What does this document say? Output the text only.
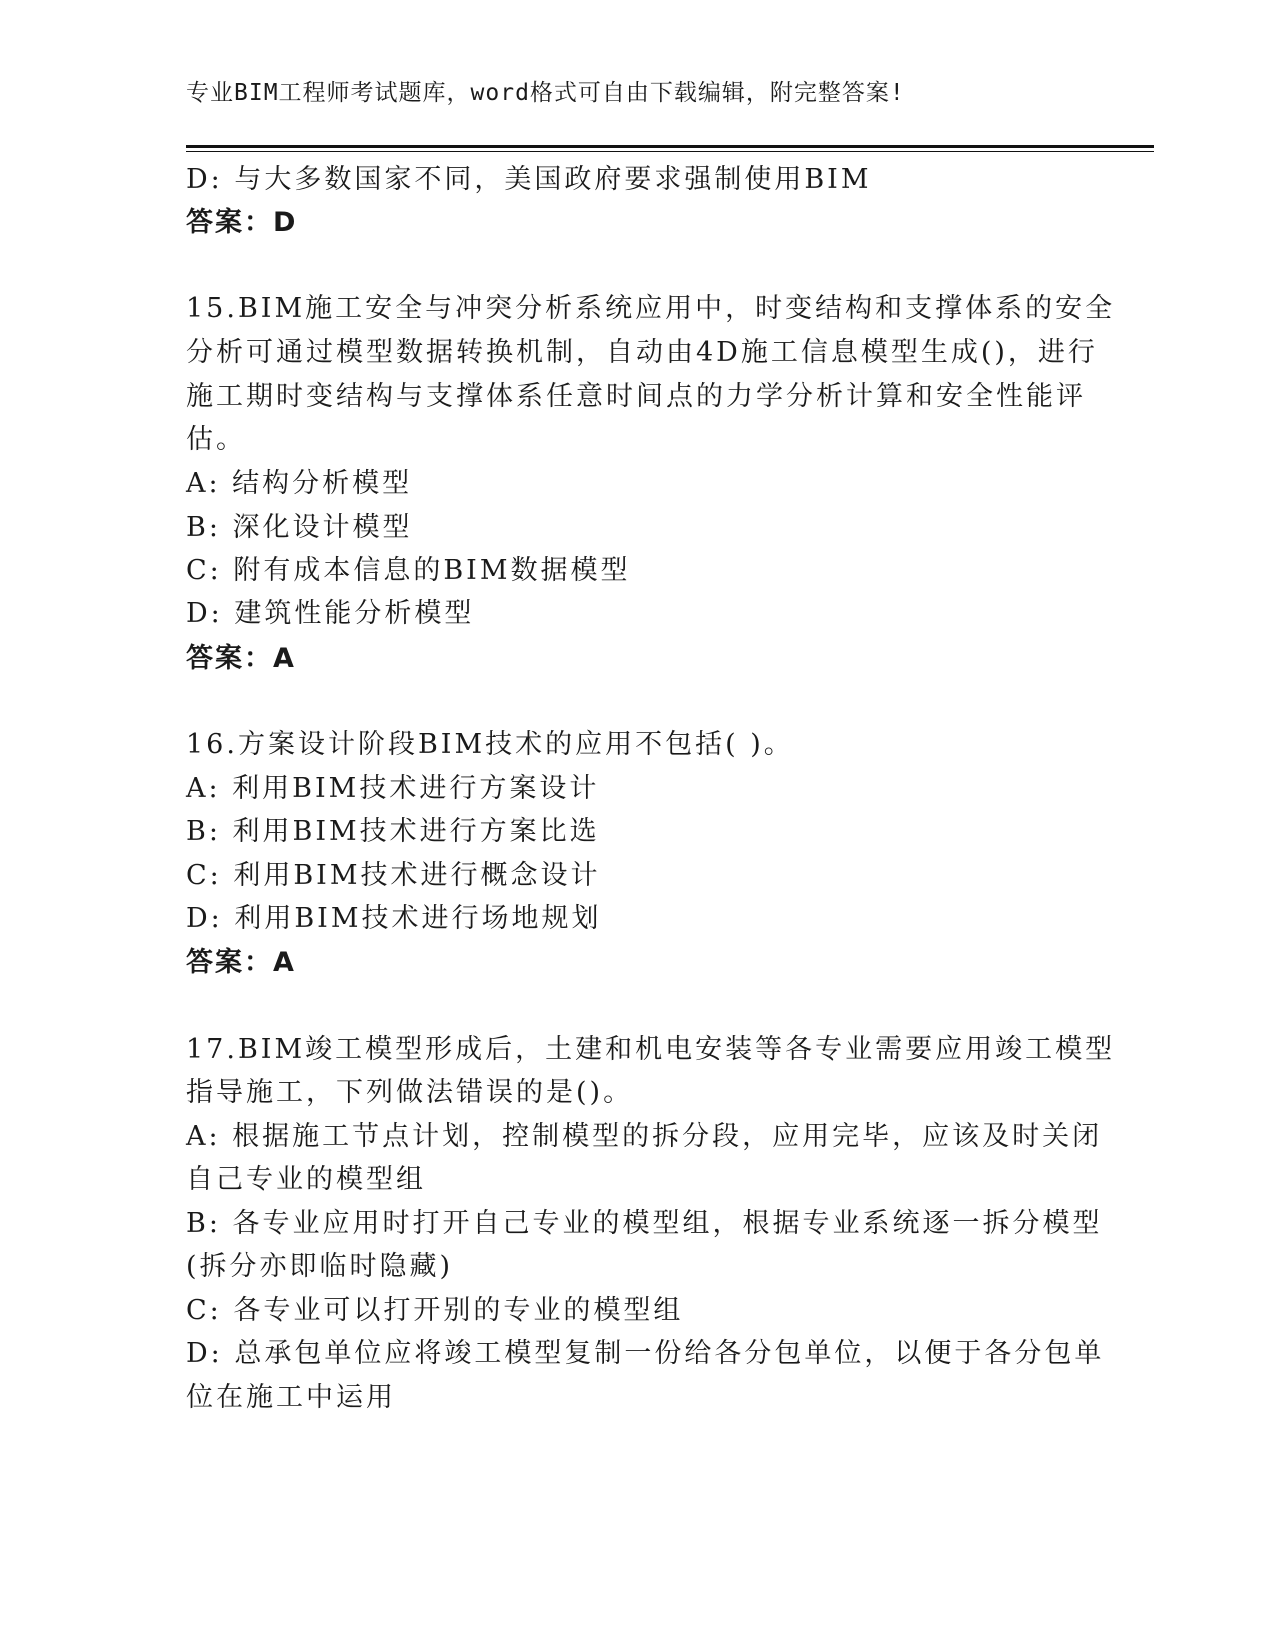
专业BIM工程师考试题库，word格式可自由下载编辑，附完整答案!
D: 与大多数国家不同，美国政府要求强制使用BIM
答案：D
15.BIM施工安全与冲突分析系统应用中，时变结构和支撑体系的安全
分析可通过模型数据转换机制，自动由4D施工信息模型生成()，进行
施工期时变结构与支撑体系任意时间点的力学分析计算和安全性能评
估。
A: 结构分析模型
B: 深化设计模型
C: 附有成本信息的BIM数据模型
D: 建筑性能分析模型
答案：A
16.方案设计阶段BIM技术的应用不包括( )。
A: 利用BIM技术进行方案设计
B: 利用BIM技术进行方案比选
C: 利用BIM技术进行概念设计
D: 利用BIM技术进行场地规划
答案：A
17.BIM竣工模型形成后，土建和机电安装等各专业需要应用竣工模型
指导施工，下列做法错误的是()。
A: 根据施工节点计划，控制模型的拆分段，应用完毕，应该及时关闭
自己专业的模型组
B: 各专业应用时打开自己专业的模型组，根据专业系统逐一拆分模型
(拆分亦即临时隐藏)
C: 各专业可以打开别的专业的模型组
D: 总承包单位应将竣工模型复制一份给各分包单位，以便于各分包单
位在施工中运用
